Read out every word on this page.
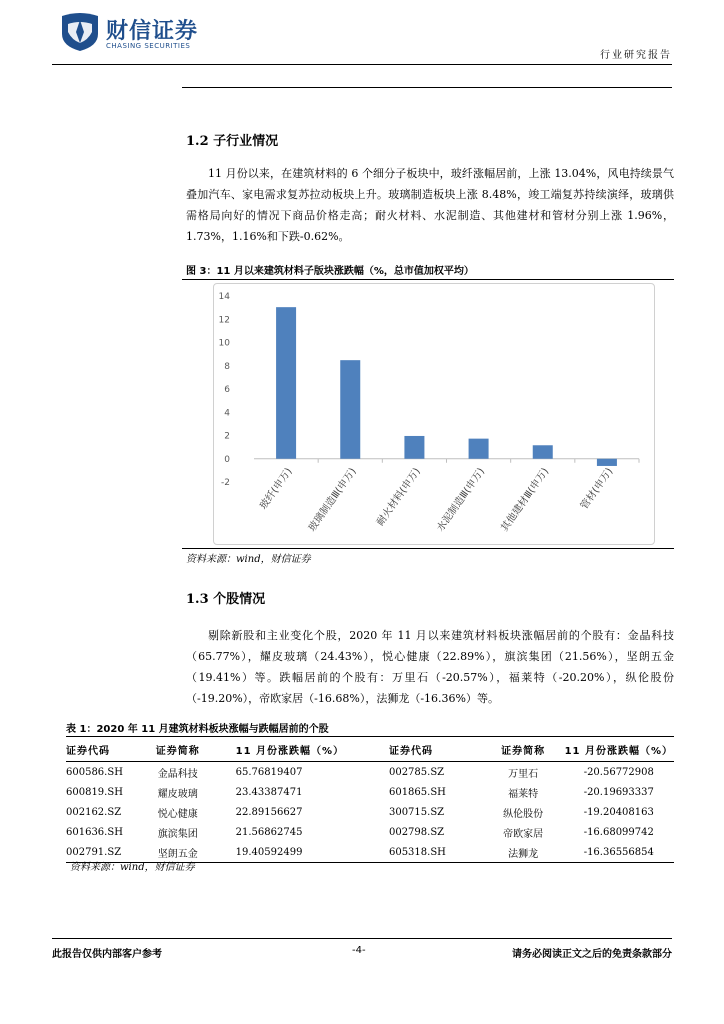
财信证券
CHASING SECURITIES
行业研究报告
1.2 子行业情况

11 月份以来，在建筑材料的 6 个细分子板块中，玻纤涨幅居前，上涨 13.04%，风电持续景气叠加汽车、家电需求复苏拉动板块上升。玻璃制造板块上涨 8.48%，竣工端复苏持续演绎，玻璃供需格局向好的情况下商品价格走高；耐火材料、水泥制造、其他建材和管材分别上涨 1.96%，1.73%，1.16%和下跌-0.62%。

图 3：11 月以来建筑材料子版块涨跌幅（%，总市值加权平均）
-2
0
2
4
6
8
10
12
14
玻纤(申万) 玻璃制造Ⅲ(申万) 耐火材料(申万) 水泥制造Ⅲ(申万) 其他建材Ⅲ(申万)	管材(申万)
资料来源：wind，财信证券
1.3 个股情况

剔除新股和主业变化个股，2020 年 11 月以来建筑材料板块涨幅居前的个股有：金晶科技（65.77%），耀皮玻璃（24.43%），悦心健康（22.89%），旗滨集团（21.56%），坚朗五金（19.41%）等。跌幅居前的个股有：万里石（-20.57%），福莱特（-20.20%），纵伦股份（-19.20%），帝欧家居（-16.68%），法狮龙（-16.36%）等。

表 1：2020 年 11 月建筑材料板块涨幅与跌幅居前的个股
证券代码	证券简称	11 月份涨跌幅（%）	证券代码	证券简称	11 月份涨跌幅（%）
600586.SH	金晶科技	65.76819407	002785.SZ	万里石	-20.56772908
600819.SH	耀皮玻璃	23.43387471	601865.SH	福莱特	-20.19693337
002162.SZ	悦心健康	22.89156627	300715.SZ	纵伦股份	-19.20408163
601636.SH	旗滨集团	21.56862745	002798.SZ	帝欧家居	-16.68099742
002791.SZ	坚朗五金	19.40592499	605318.SH	法狮龙	-16.36556854
资料来源：wind，财信证券
此报告仅供内部客户参考	-4-	请务必阅读正文之后的免责条款部分
